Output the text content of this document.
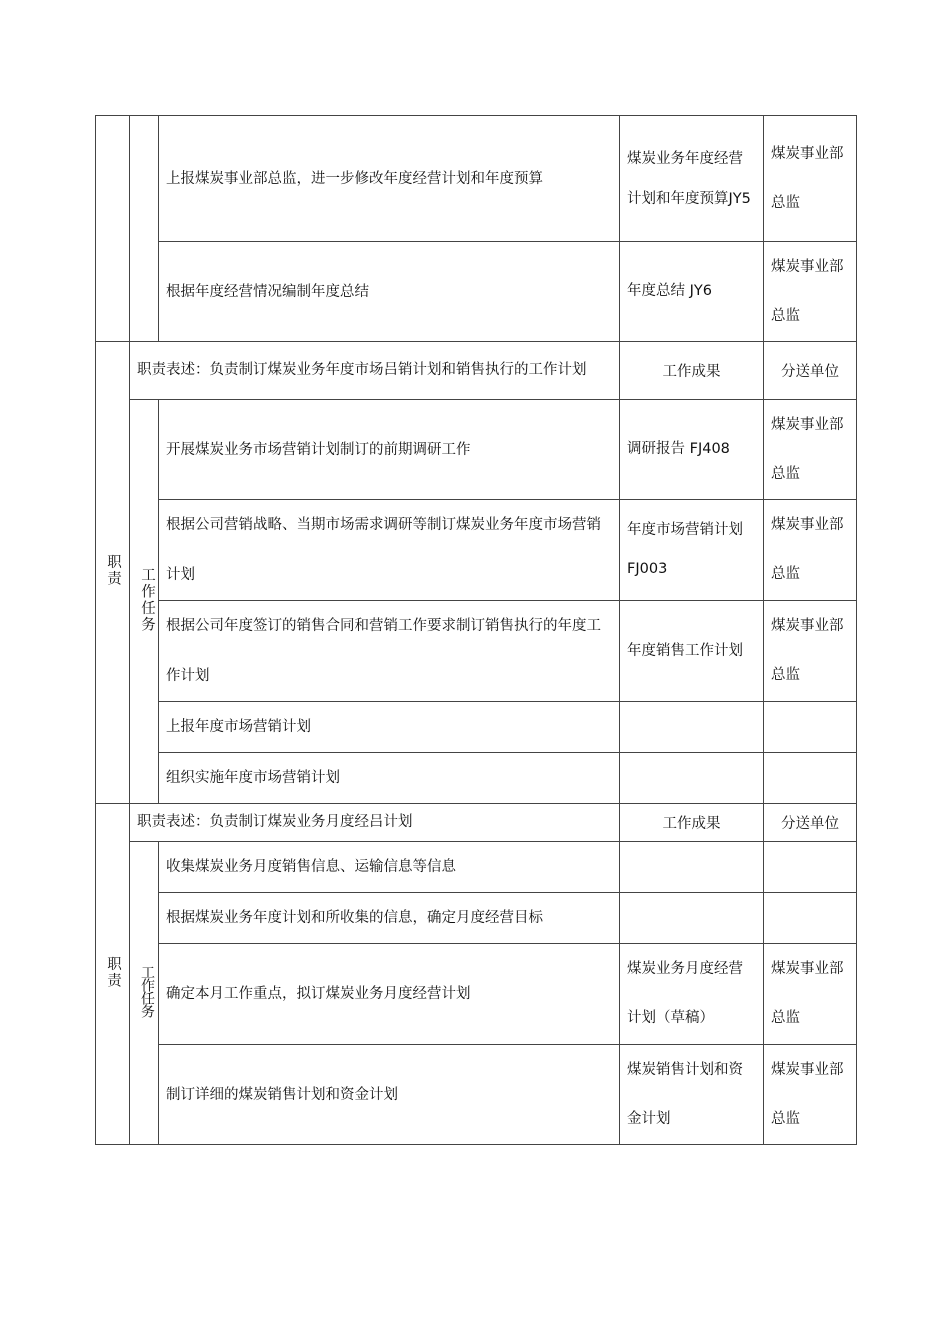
		上报煤炭事业部总监，进一步修改年度经营计划和年度预算	煤炭业务年度经营计划和年度预算JY5	煤炭事业部总监
		根据年度经营情况编制年度总结	年度总结 JY6	煤炭事业部总监
职责	职责表述：负责制订煤炭业务年度市场吕销计划和销售执行的工作计划		工作成果	分送单位
	工作任务	开展煤炭业务市场营销计划制订的前期调研工作	调研报告 FJ408	煤炭事业部总监
		根据公司营销战略、当期市场需求调研等制订煤炭业务年度市场营销计划	年度市场营销计划FJ003	煤炭事业部总监
		根据公司年度签订的销售合同和营销工作要求制订销售执行的年度工作计划	年度销售工作计划	煤炭事业部总监
		上报年度市场营销计划		
		组织实施年度市场营销计划		
职责	职责表述：负责制订煤炭业务月度经吕计划		工作成果	分送单位
	工作任务	收集煤炭业务月度销售信息、运输信息等信息		
		根据煤炭业务年度计划和所收集的信息，确定月度经营目标		
		确定本月工作重点，拟订煤炭业务月度经营计划	煤炭业务月度经营计划（草稿）	煤炭事业部总监
		制订详细的煤炭销售计划和资金计划	煤炭销售计划和资金计划	煤炭事业部总监
